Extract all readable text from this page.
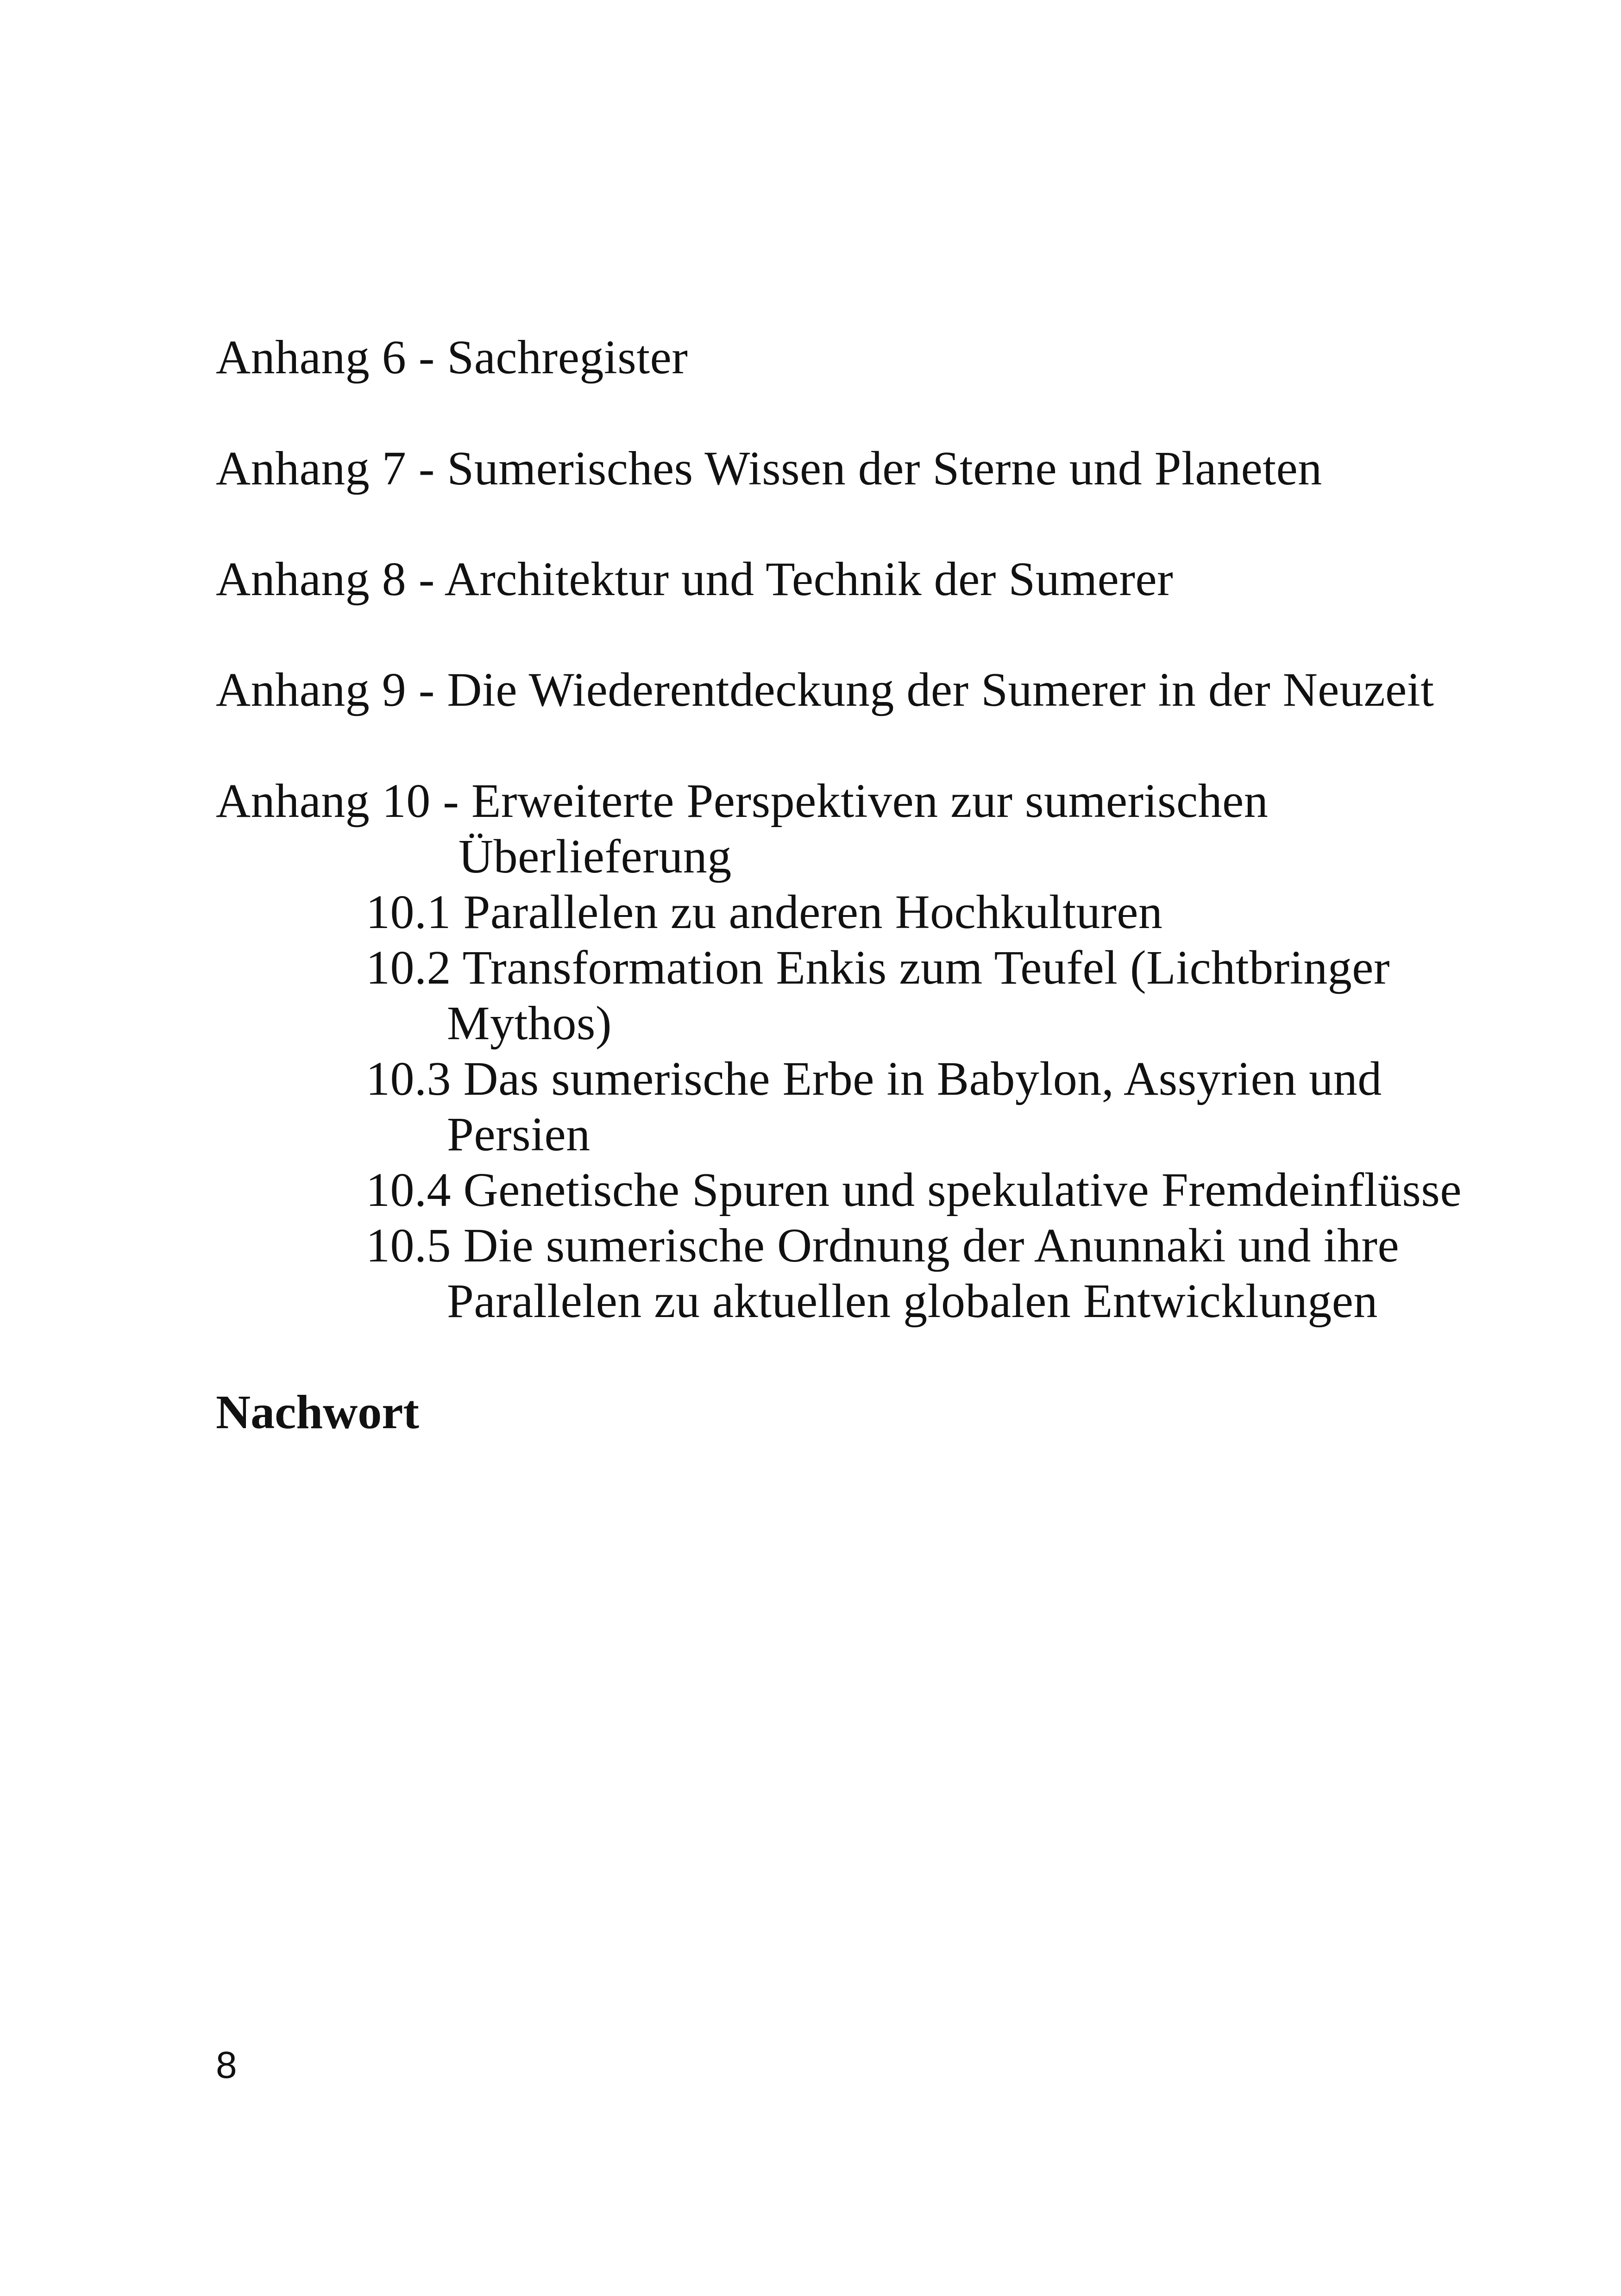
Anhang 6 - Sachregister
Anhang 7 - Sumerisches Wissen der Sterne und Planeten
Anhang 8 - Architektur und Technik der Sumerer
Anhang 9 - Die Wiederentdeckung der Sumerer in der Neuzeit
Anhang 10 - Erweiterte Perspektiven zur sumerischen
Überlieferung
10.1 Parallelen zu anderen Hochkulturen
10.2 Transformation Enkis zum Teufel (Lichtbringer
Mythos)
10.3 Das sumerische Erbe in Babylon, Assyrien und
Persien
10.4 Genetische Spuren und spekulative Fremdeinflüsse
10.5 Die sumerische Ordnung der Anunnaki und ihre
Parallelen zu aktuellen globalen Entwicklungen
Nachwort
8
